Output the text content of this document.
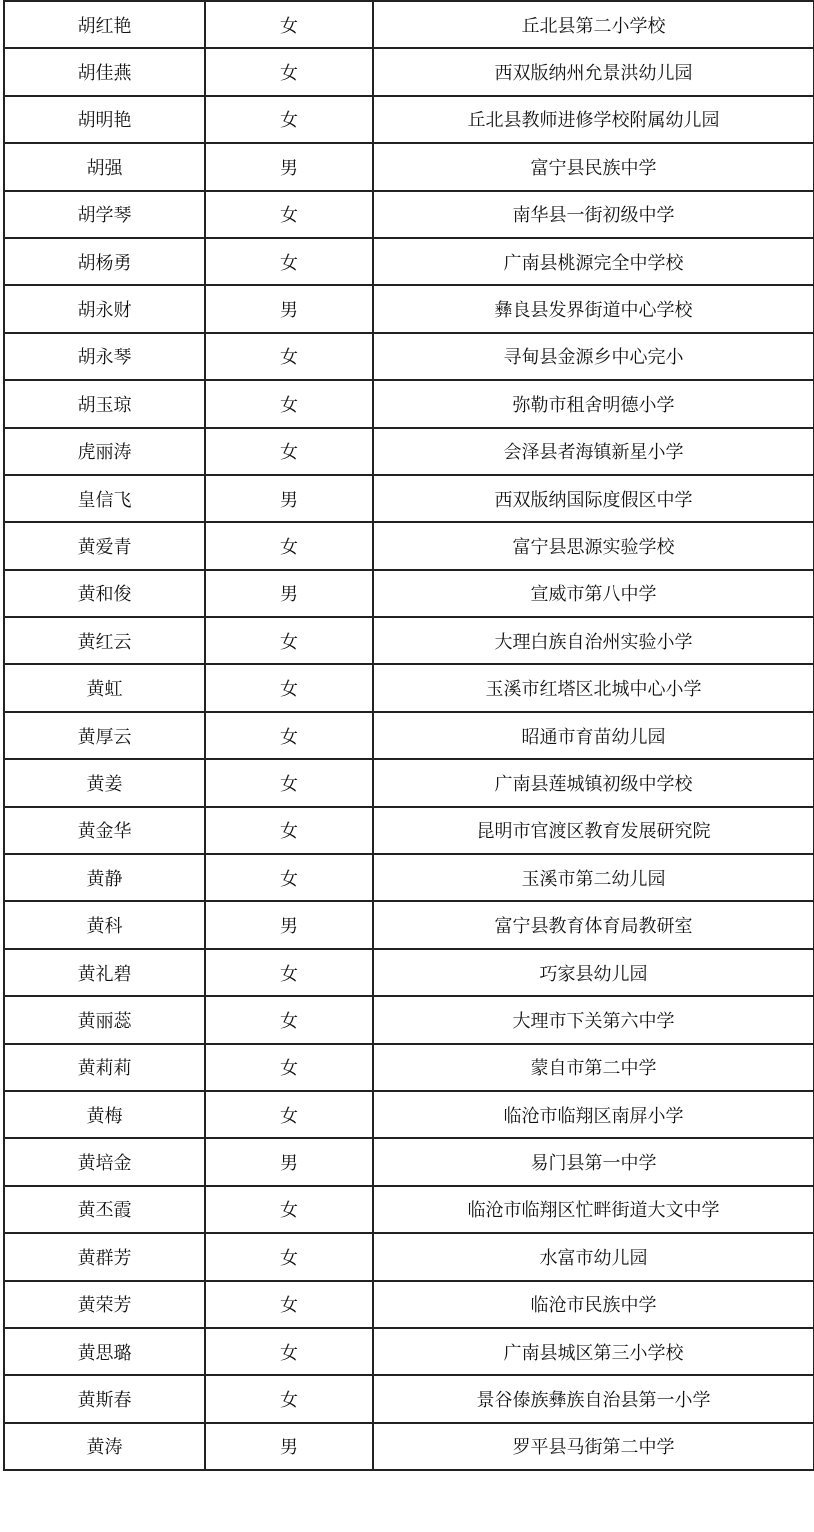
胡红艳	女	丘北县第二小学校
胡佳燕	女	西双版纳州允景洪幼儿园
胡明艳	女	丘北县教师进修学校附属幼儿园
胡强	男	富宁县民族中学
胡学琴	女	南华县一街初级中学
胡杨勇	女	广南县桃源完全中学校
胡永财	男	彝良县发界街道中心学校
胡永琴	女	寻甸县金源乡中心完小
胡玉琼	女	弥勒市租舍明德小学
虎丽涛	女	会泽县者海镇新星小学
皇信飞	男	西双版纳国际度假区中学
黄爱青	女	富宁县思源实验学校
黄和俊	男	宣威市第八中学
黄红云	女	大理白族自治州实验小学
黄虹	女	玉溪市红塔区北城中心小学
黄厚云	女	昭通市育苗幼儿园
黄姜	女	广南县莲城镇初级中学校
黄金华	女	昆明市官渡区教育发展研究院
黄静	女	玉溪市第二幼儿园
黄科	男	富宁县教育体育局教研室
黄礼碧	女	巧家县幼儿园
黄丽蕊	女	大理市下关第六中学
黄莉莉	女	蒙自市第二中学
黄梅	女	临沧市临翔区南屏小学
黄培金	男	易门县第一中学
黄丕霞	女	临沧市临翔区忙畔街道大文中学
黄群芳	女	水富市幼儿园
黄荣芳	女	临沧市民族中学
黄思璐	女	广南县城区第三小学校
黄斯春	女	景谷傣族彝族自治县第一小学
黄涛	男	罗平县马街第二中学
